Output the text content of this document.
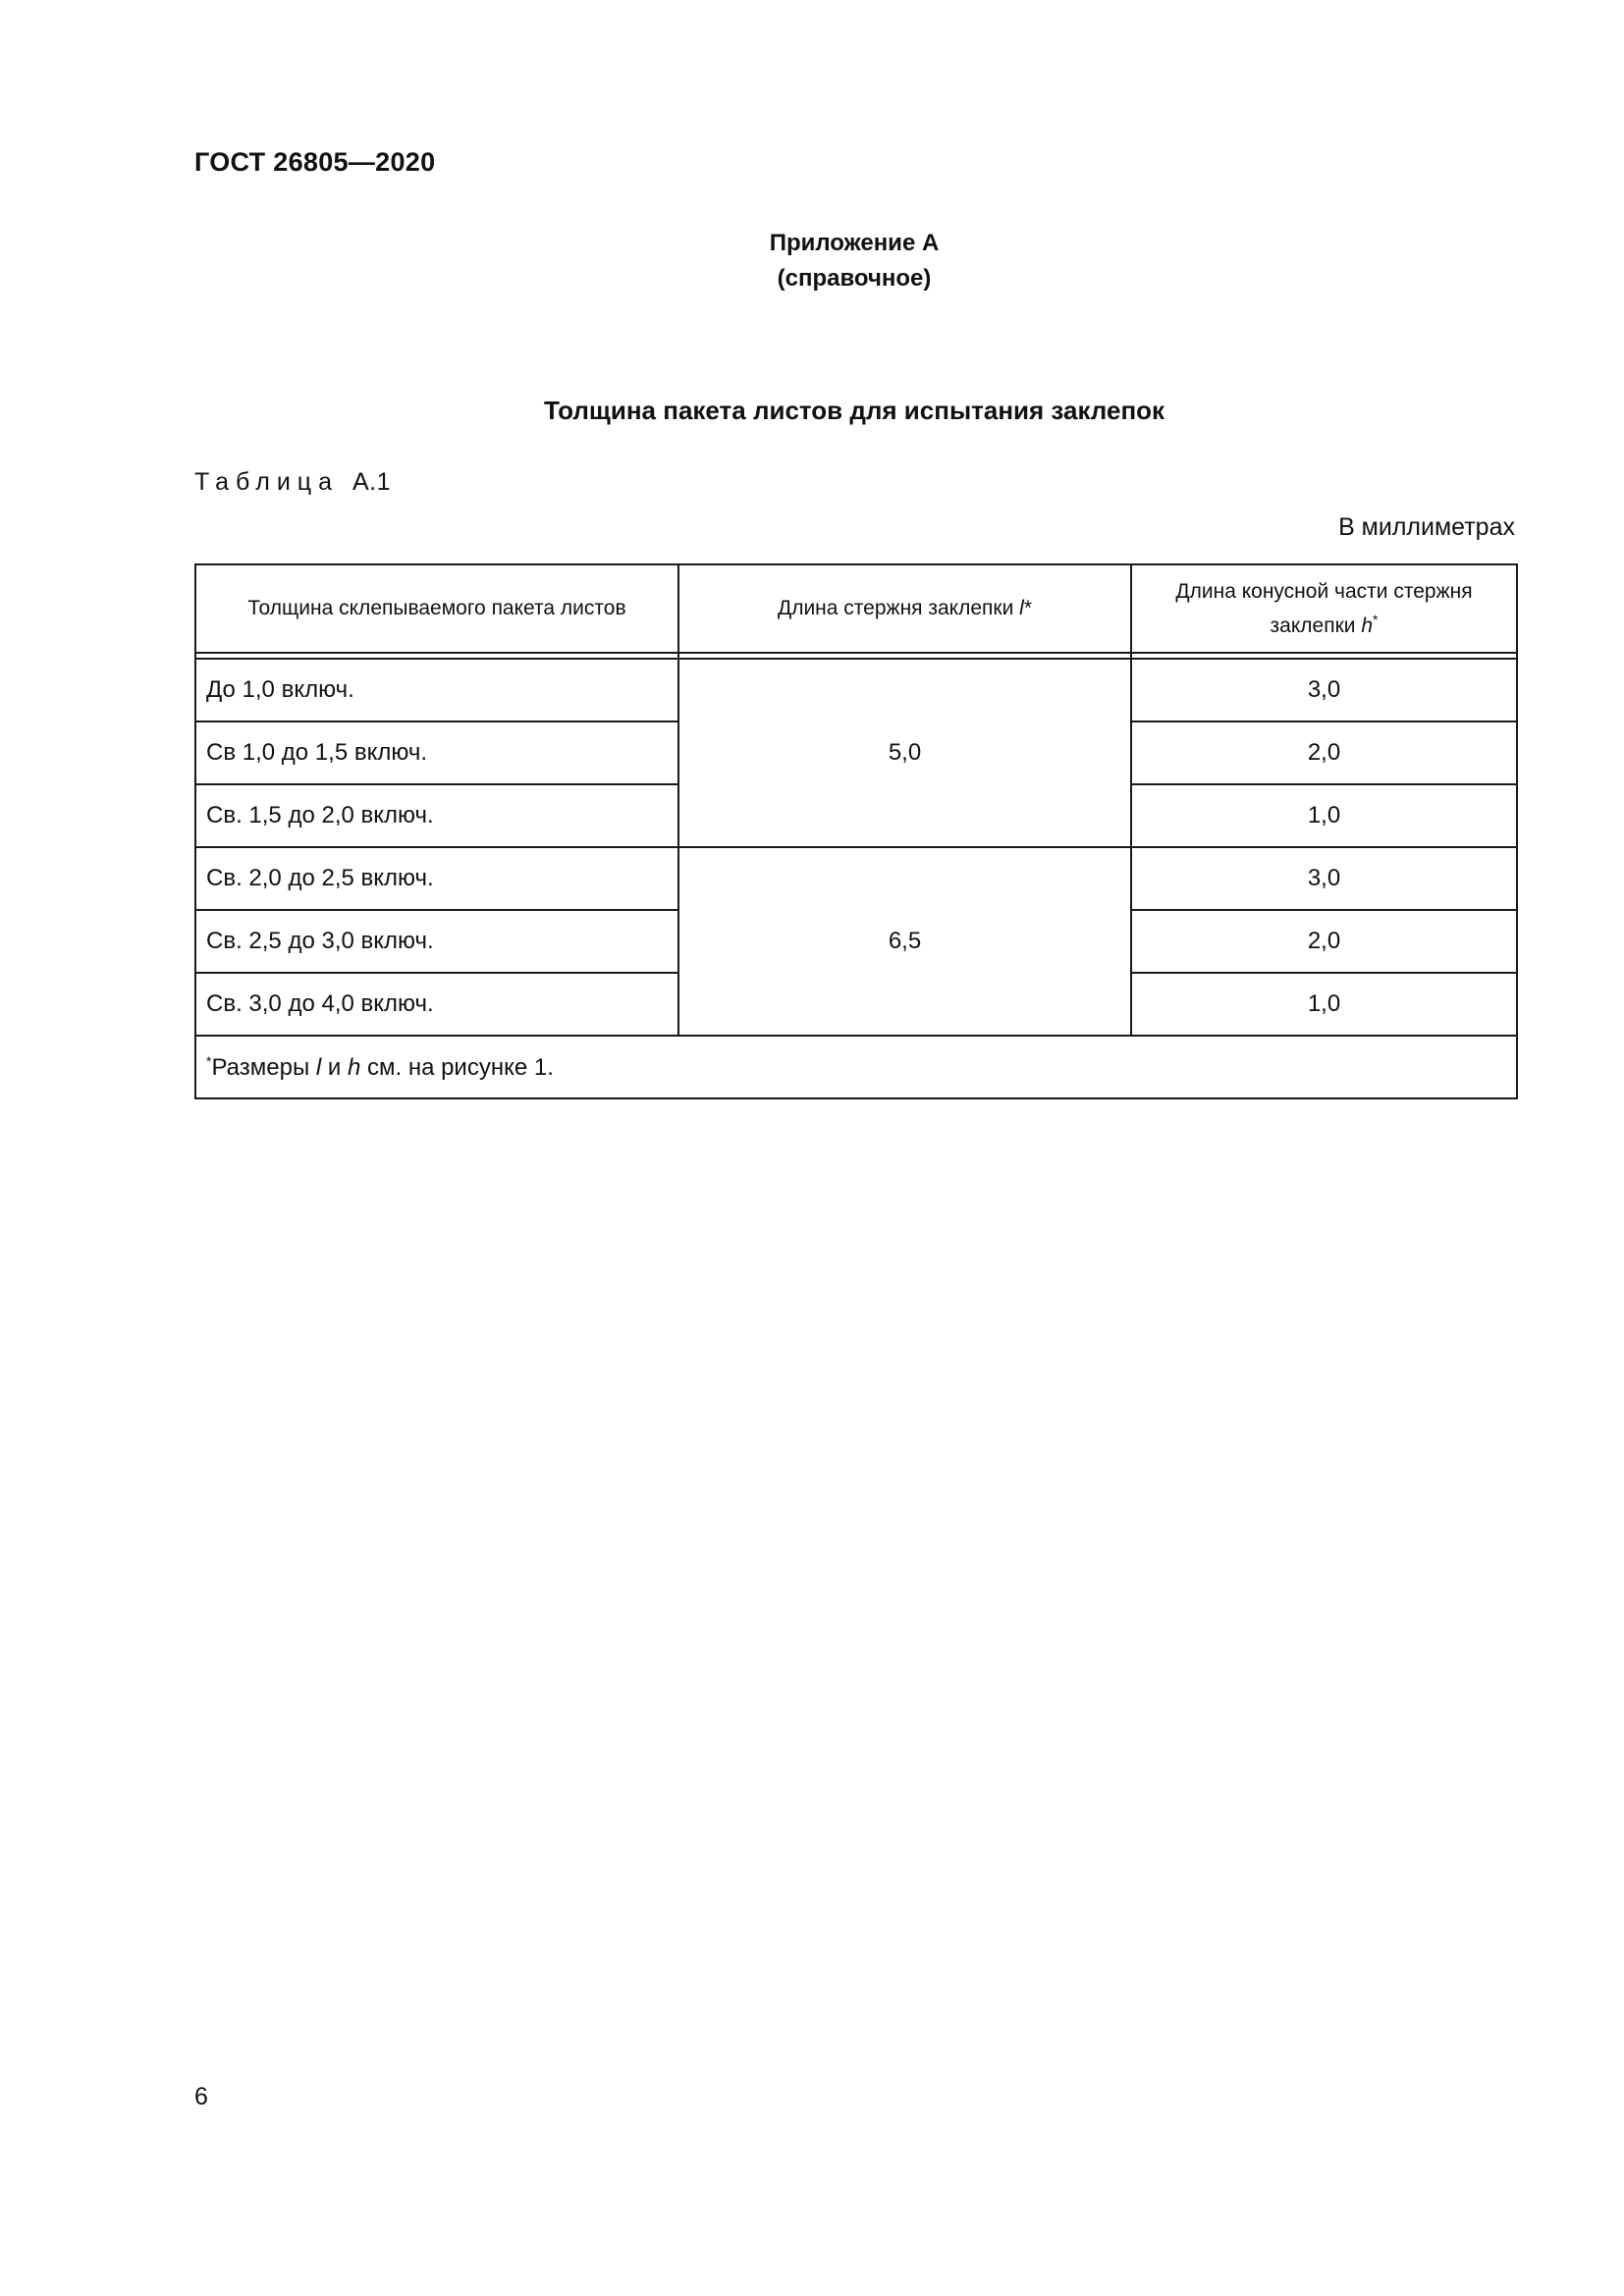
ГОСТ 26805—2020
Приложение А
(справочное)
Толщина пакета листов для испытания заклепок
Таблица А.1
В миллиметрах
Толщина склепываемого пакета листов	Длина стержня заклепки l*	Длина конусной части стержня заклепки h*

До 1,0 включ.	5,0	3,0
Св 1,0 до 1,5 включ.		2,0
Св. 1,5 до 2,0 включ.		1,0
Св. 2,0 до 2,5 включ.	6,5	3,0
Св. 2,5 до 3,0 включ.		2,0
Св. 3,0 до 4,0 включ.		1,0
*Размеры l и h см. на рисунке 1.		
6
